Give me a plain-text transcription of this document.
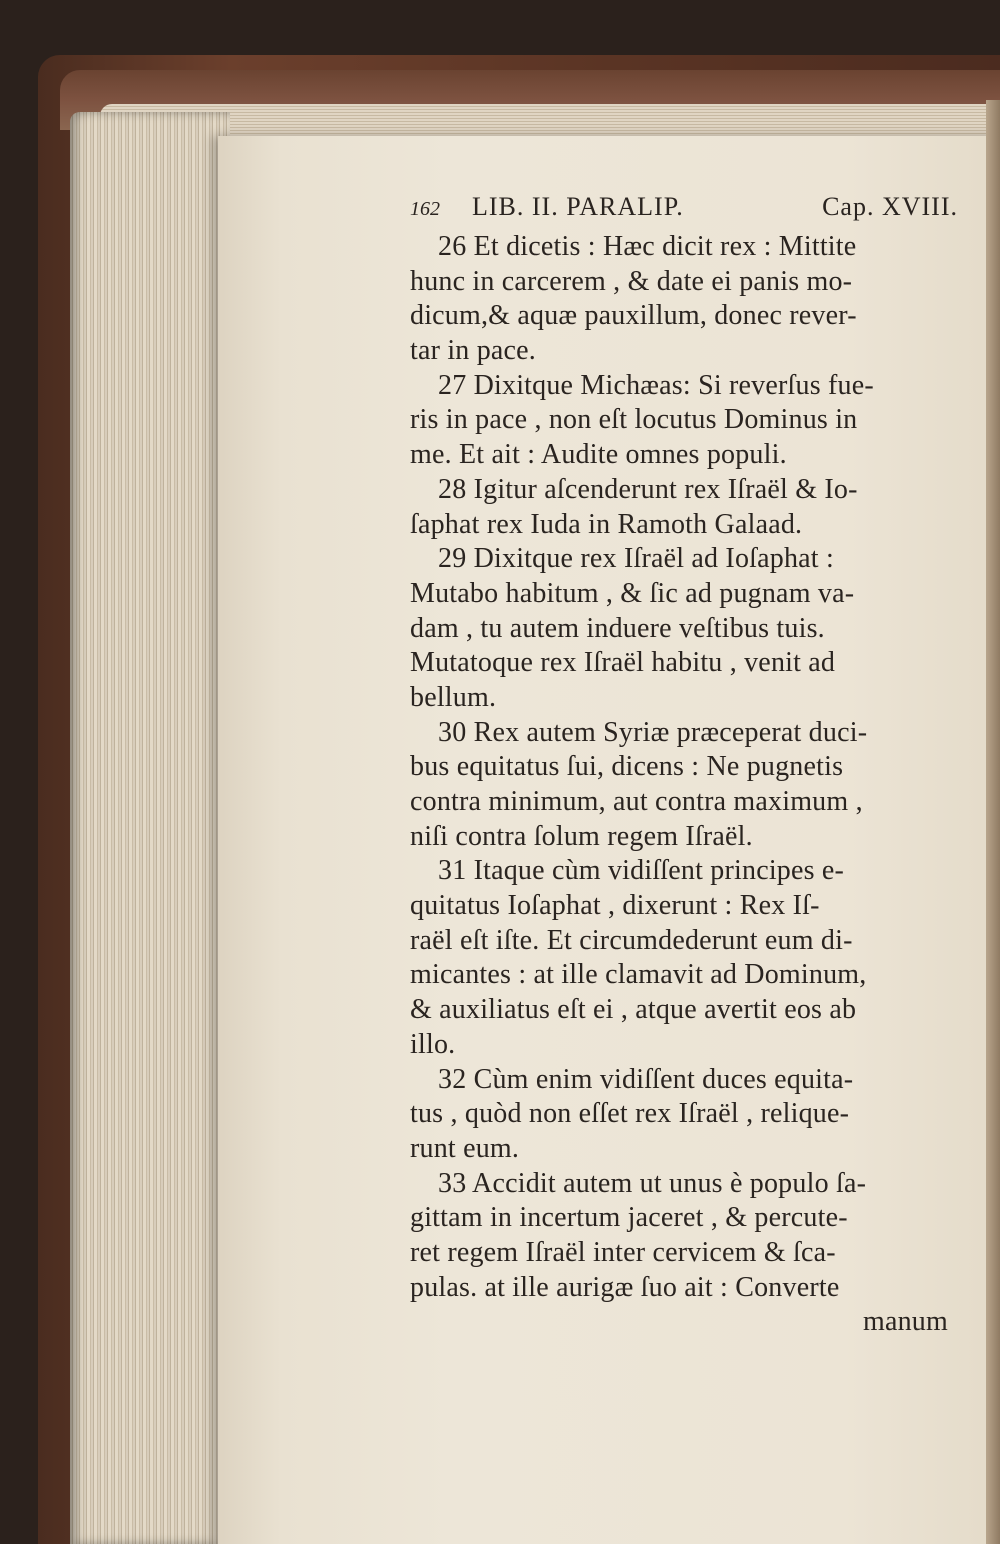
162	LIB. II. PARALIP.	Cap. XVIII.
26 Et dicetis : Hæc dicit rex : Mittite
hunc in carcerem , & date ei panis mo-
dicum,& aquæ pauxillum, donec rever-
tar in pace.
27 Dixitque Michæas: Si reverſus fue-
ris in pace , non eſt locutus Dominus in
me. Et ait : Audite omnes populi.
28 Igitur aſcenderunt rex Iſraël & Io-
ſaphat rex Iuda in Ramoth Galaad.
29 Dixitque rex Iſraël ad Ioſaphat :
Mutabo habitum , & ſic ad pugnam va-
dam , tu autem induere veſtibus tuis.
Mutatoque rex Iſraël habitu , venit ad
bellum.
30 Rex autem Syriæ præceperat duci-
bus equitatus ſui, dicens : Ne pugnetis
contra minimum, aut contra maximum ,
niſi contra ſolum regem Iſraël.
31 Itaque cùm vidiſſent principes e-
quitatus Ioſaphat , dixerunt : Rex Iſ-
raël eſt iſte. Et circumdederunt eum di-
micantes : at ille clamavit ad Dominum,
& auxiliatus eſt ei , atque avertit eos ab
illo.
32 Cùm enim vidiſſent duces equita-
tus , quòd non eſſet rex Iſraël , relique-
runt eum.
33 Accidit autem ut unus è populo ſa-
gittam in incertum jaceret , & percute-
ret regem Iſraël inter cervicem & ſca-
pulas. at ille aurigæ ſuo ait : Converte
manum
